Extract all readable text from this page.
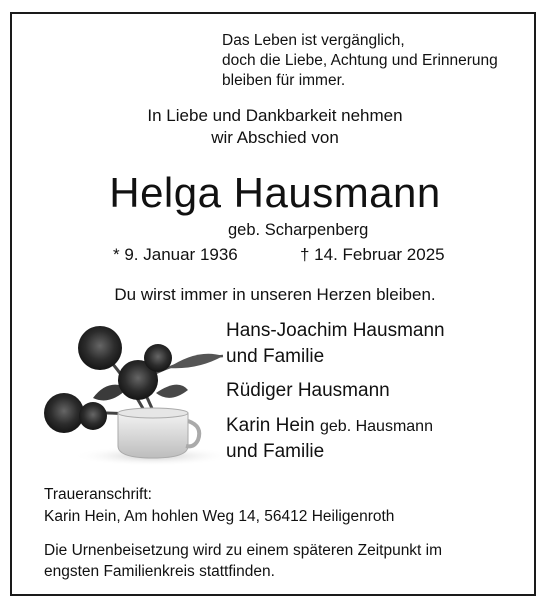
Das Leben ist vergänglich,
doch die Liebe, Achtung und Erinnerung
bleiben für immer.
In Liebe und Dankbarkeit nehmen
wir Abschied von
Helga Hausmann
geb. Scharpenberg
* 9. Januar 1936	† 14. Februar 2025
Du wirst immer in unseren Herzen bleiben.
Hans-Joachim Hausmann
und Familie
Rüdiger Hausmann
Karin Hein geb. Hausmann
und Familie
Traueranschrift:
Karin Hein, Am hohlen Weg 14, 56412 Heiligenroth
Die Urnenbeisetzung wird zu einem späteren Zeitpunkt im
engsten Familienkreis stattfinden.
